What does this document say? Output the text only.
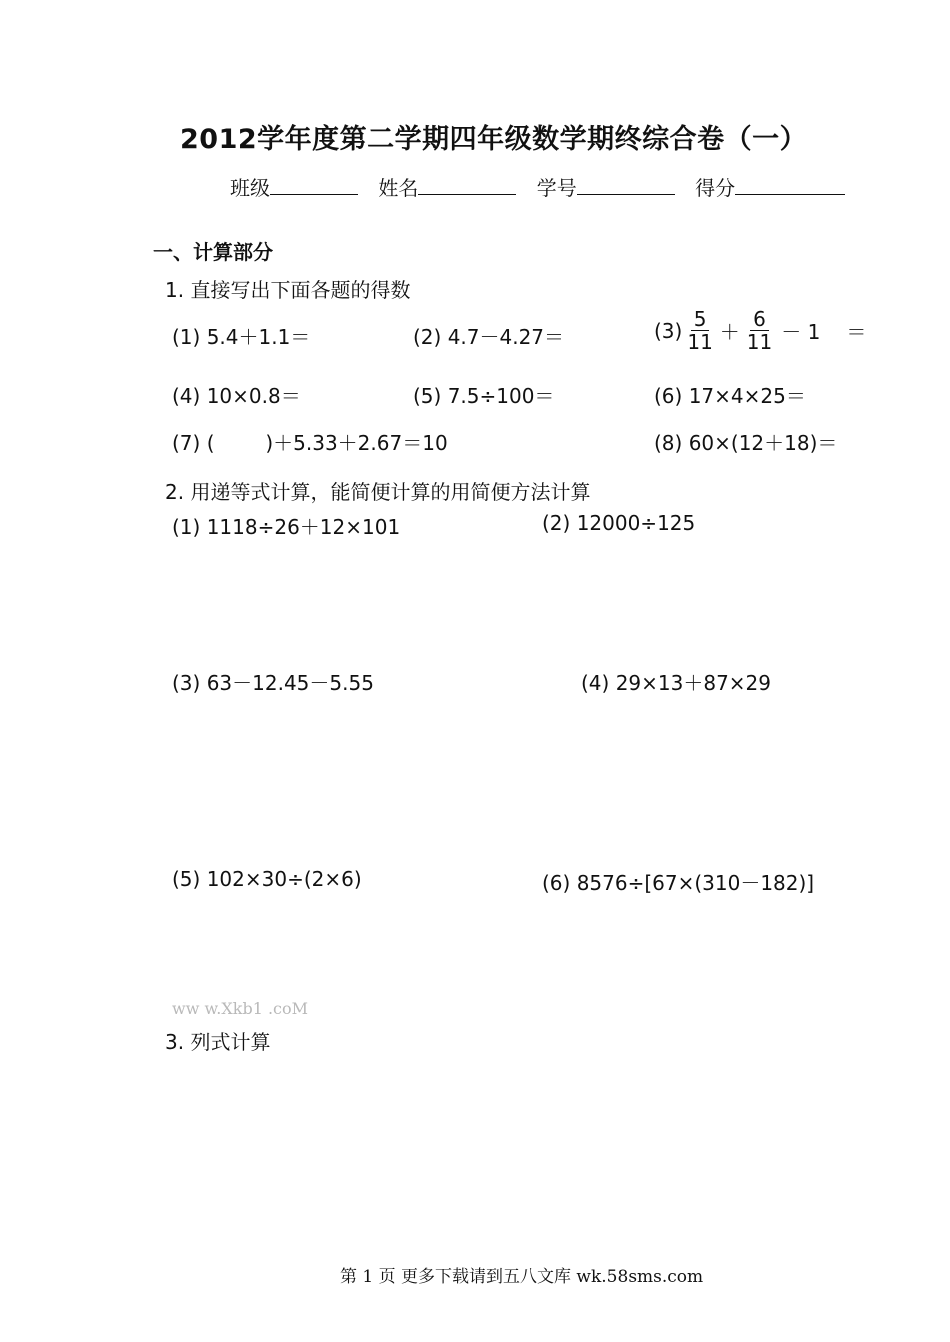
2012学年度第二学期四年级数学期终综合卷（一）
班级	姓名	学号	得分
一、计算部分
1. 直接写出下面各题的得数
(1) 5.4＋1.1＝	(2) 4.7－4.27＝	$(3) \frac{5}{11} + \frac{6}{11} - 1$ ＝
(4) 10×0.8＝	(5) 7.5÷100＝	(6) 17×4×25＝
(7) (        )＋5.33＋2.67＝10	(8) 60×(12＋18)＝
2. 用递等式计算，能简便计算的用简便方法计算
(1) 1118÷26＋12×101	(2) 12000÷125
(3) 63－12.45－5.55	(4) 29×13＋87×29
(5) 102×30÷(2×6)	(6) 8576÷[67×(310－182)]
ww w.Xkb1 .coM
3. 列式计算
第 1 页 更多下载请到五八文库 wk.58sms.com
